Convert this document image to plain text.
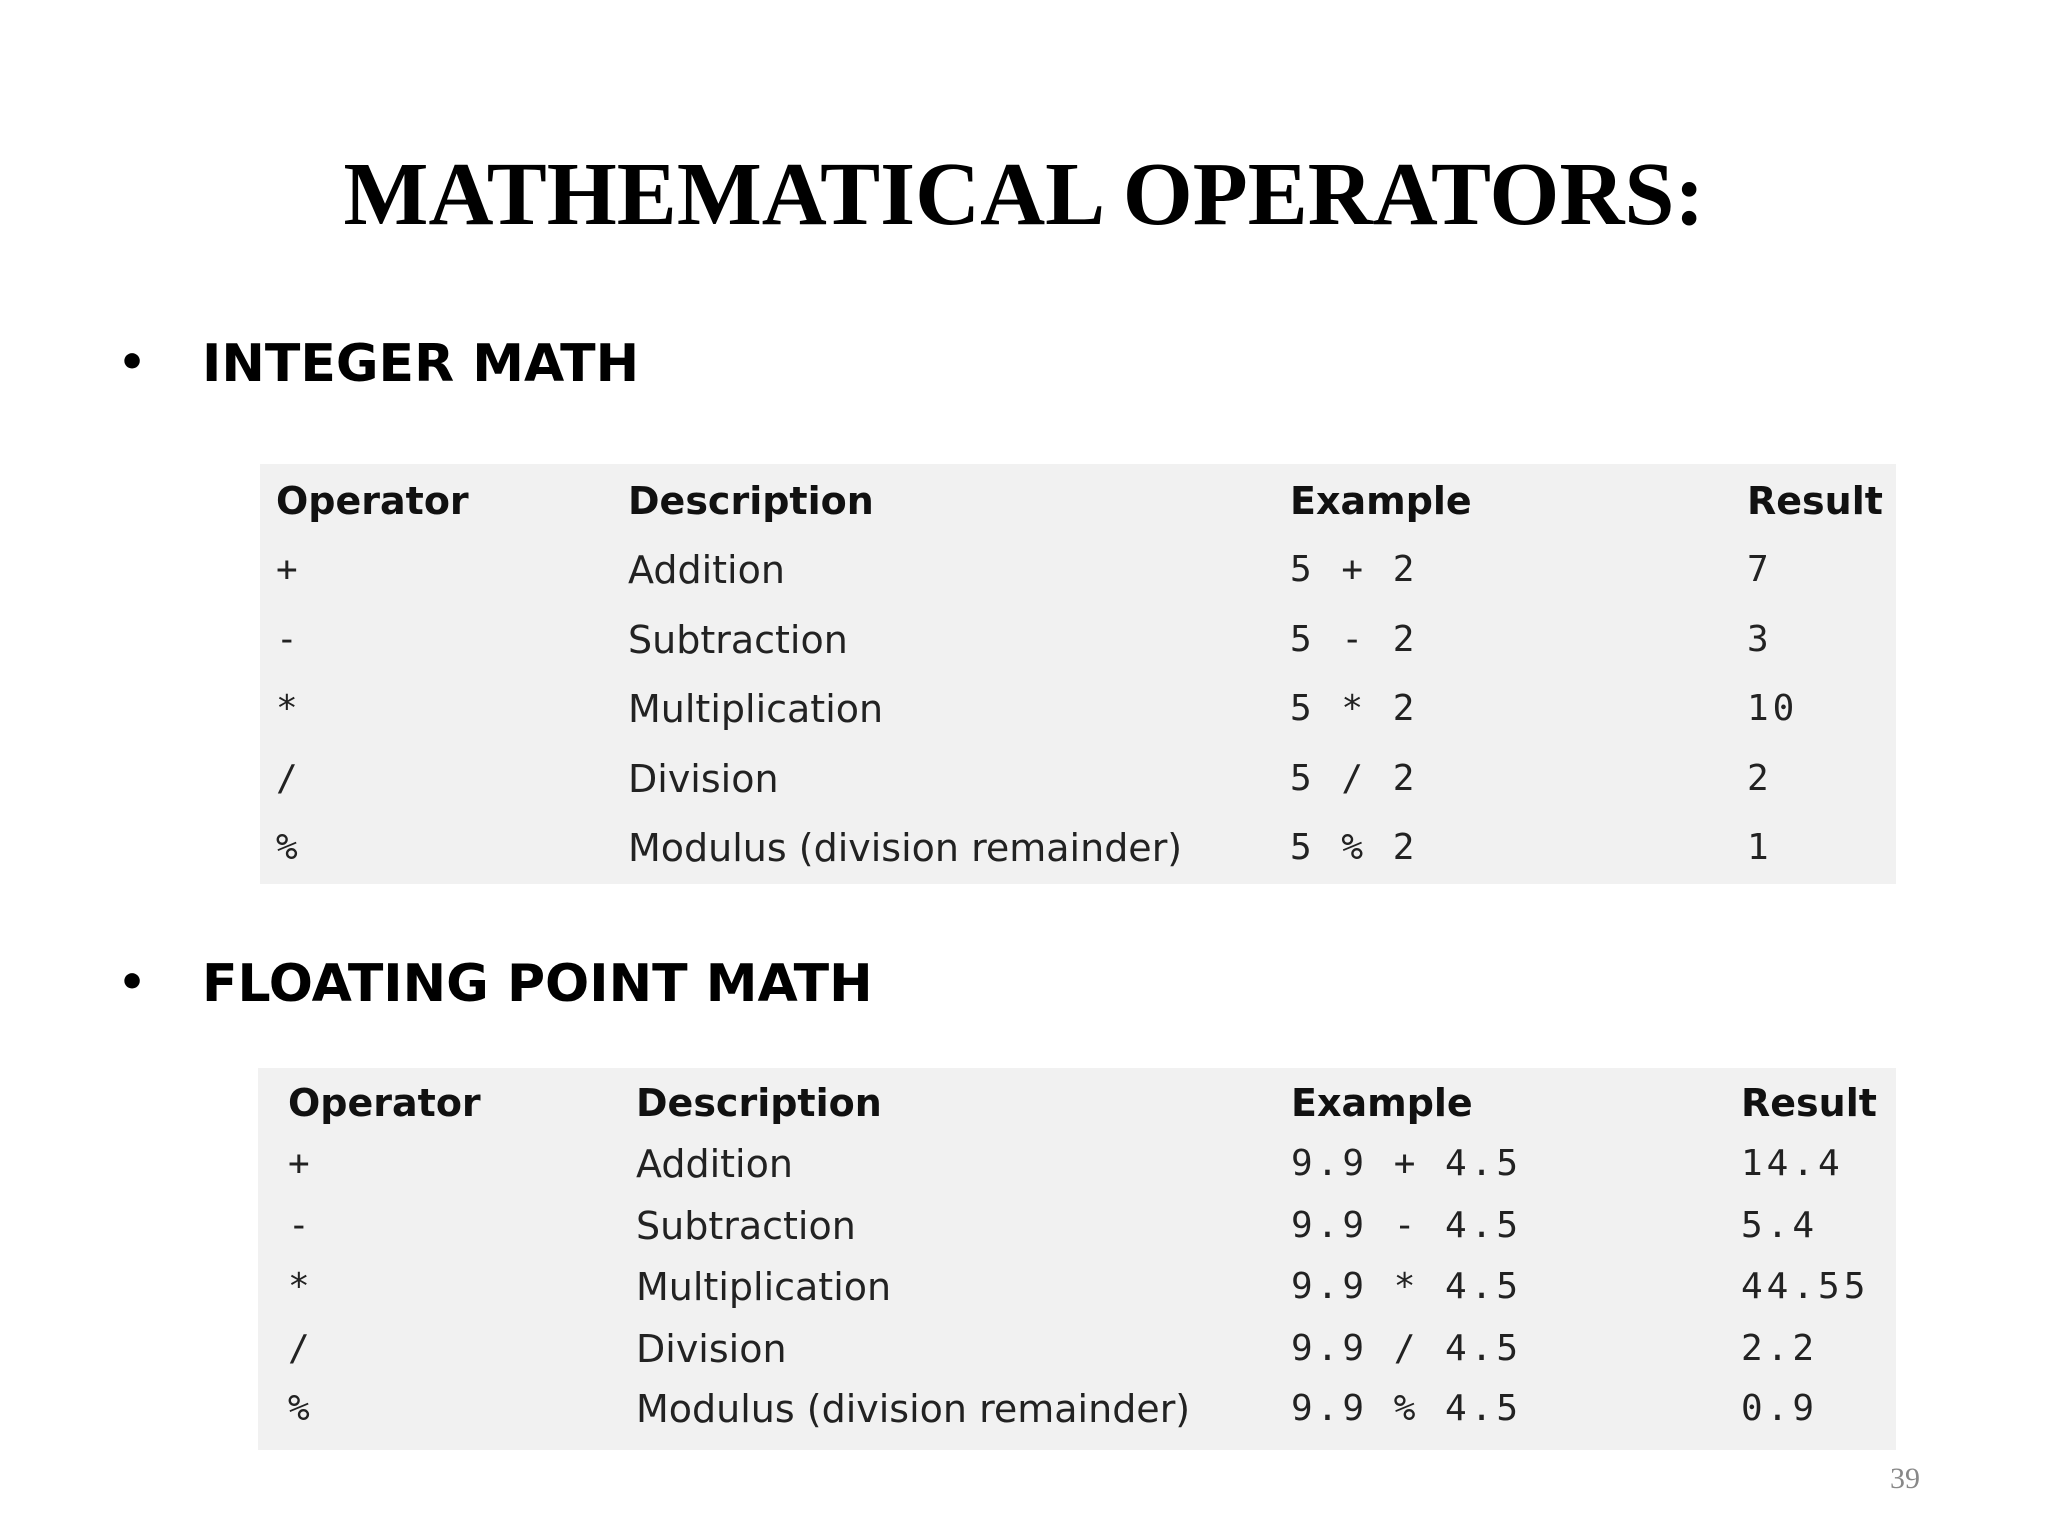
MATHEMATICAL OPERATORS:
• INTEGER MATH
Operator	Description	Example	Result
+	Addition	5 + 2	7
-	Subtraction	5 - 2	3
*	Multiplication	5 * 2	10
/	Division	5 / 2	2
%	Modulus (division remainder)	5 % 2	1
• FLOATING POINT MATH
Operator	Description	Example	Result
+	Addition	9.9 + 4.5	14.4
-	Subtraction	9.9 - 4.5	5.4
*	Multiplication	9.9 * 4.5	44.55
/	Division	9.9 / 4.5	2.2
%	Modulus (division remainder)	9.9 % 4.5	0.9
39
